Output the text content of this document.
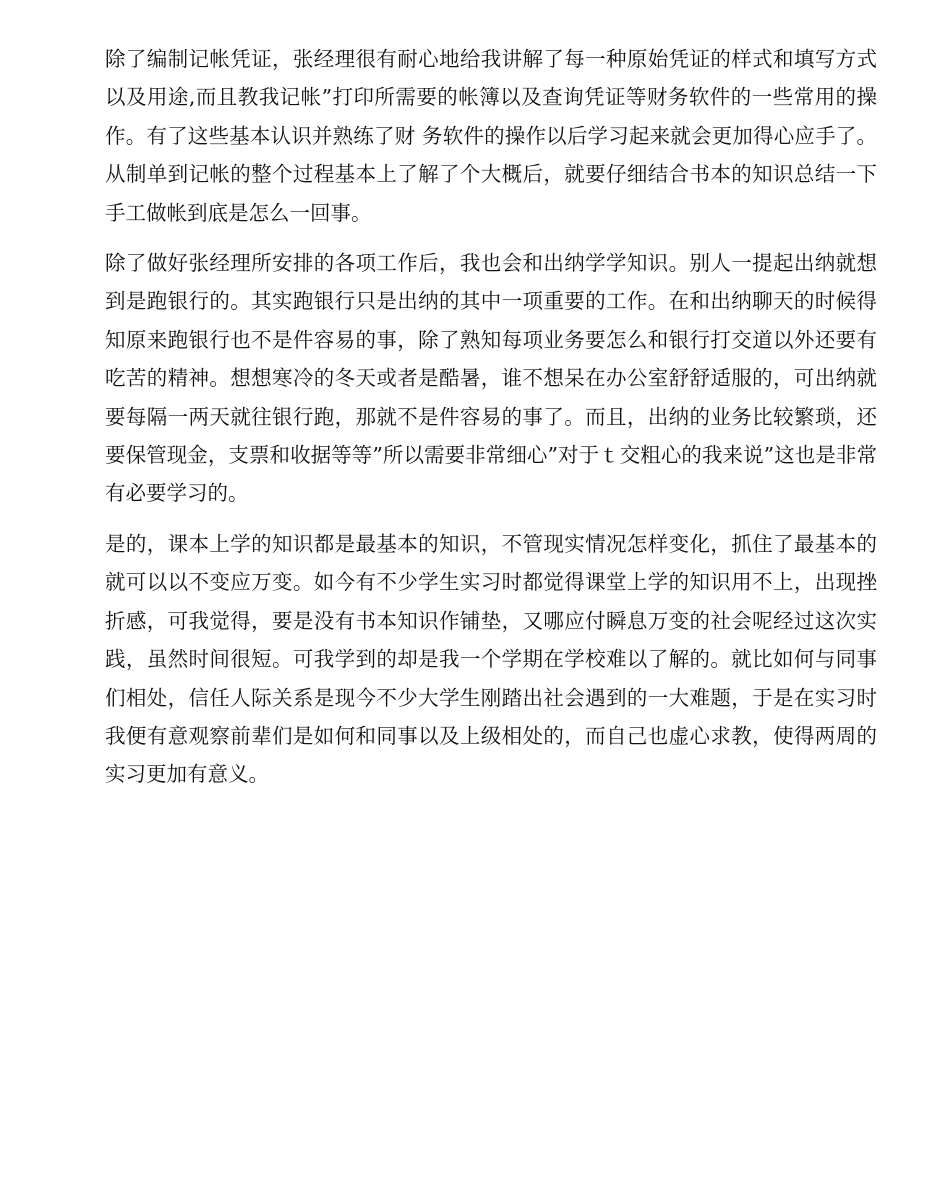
除了编制记帐凭证，张经理很有耐心地给我讲解了每一种原始凭证的样式和填写方式以及用途,而且教我记帐”打印所需要的帐簿以及查询凭证等财务软件的一些常用的操作。有了这些基本认识并熟练了财 务软件的操作以后学习起来就会更加得心应手了。从制单到记帐的整个过程基本上了解了个大概后，就要仔细结合书本的知识总结一下手工做帐到底是怎么一回事。

除了做好张经理所安排的各项工作后，我也会和出纳学学知识。别人一提起出纳就想到是跑银行的。其实跑银行只是出纳的其中一项重要的工作。在和出纳聊天的时候得知原来跑银行也不是件容易的事，除了熟知每项业务要怎么和银行打交道以外还要有吃苦的精神。想想寒冷的冬天或者是酷暑，谁不想呆在办公室舒舒适服的，可出纳就要每隔一两天就往银行跑，那就不是件容易的事了。而且，出纳的业务比较繁琐，还要保管现金，支票和收据等等”所以需要非常细心”对于ｔ交粗心的我来说”这也是非常有必要学习的。

是的，课本上学的知识都是最基本的知识，不管现实情况怎样变化，抓住了最基本的就可以以不变应万变。如今有不少学生实习时都觉得课堂上学的知识用不上，出现挫折感，可我觉得，要是没有书本知识作铺垫，又哪应付瞬息万变的社会呢经过这次实践，虽然时间很短。可我学到的却是我一个学期在学校难以了解的。就比如何与同事们相处，信任人际关系是现今不少大学生刚踏出社会遇到的一大难题，于是在实习时我便有意观察前辈们是如何和同事以及上级相处的，而自己也虚心求教，使得两周的实习更加有意义。
